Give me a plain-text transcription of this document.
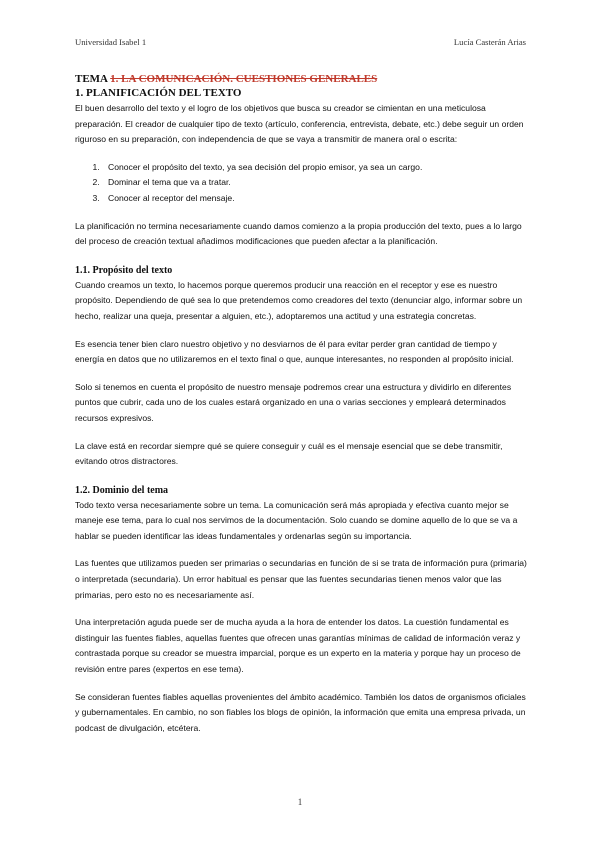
Universidad Isabel 1	Lucía Casterán Arias
TEMA 1. LA COMUNICACIÓN. CUESTIONES GENERALES
1. PLANIFICACIÓN DEL TEXTO

El buen desarrollo del texto y el logro de los objetivos que busca su creador se cimientan en una meticulosa preparación. El creador de cualquier tipo de texto (artículo, conferencia, entrevista, debate, etc.) debe seguir un orden riguroso en su preparación, con independencia de que se vaya a transmitir de manera oral o escrita:

1. Conocer el propósito del texto, ya sea decisión del propio emisor, ya sea un cargo.
2. Dominar el tema que va a tratar.
3. Conocer al receptor del mensaje.

La planificación no termina necesariamente cuando damos comienzo a la propia producción del texto, pues a lo largo del proceso de creación textual añadimos modificaciones que pueden afectar a la planificación.

1.1. Propósito del texto

Cuando creamos un texto, lo hacemos porque queremos producir una reacción en el receptor y ese es nuestro propósito. Dependiendo de qué sea lo que pretendemos como creadores del texto (denunciar algo, informar sobre un hecho, realizar una queja, presentar a alguien, etc.), adoptaremos una actitud y una estrategia concretas.

Es esencia tener bien claro nuestro objetivo y no desviarnos de él para evitar perder gran cantidad de tiempo y energía en datos que no utilizaremos en el texto final o que, aunque interesantes, no responden al propósito inicial.

Solo si tenemos en cuenta el propósito de nuestro mensaje podremos crear una estructura y dividirlo en diferentes puntos que cubrir, cada uno de los cuales estará organizado en una o varias secciones y empleará determinados recursos expresivos.

La clave está en recordar siempre qué se quiere conseguir y cuál es el mensaje esencial que se debe transmitir, evitando otros distractores.

1.2. Dominio del tema

Todo texto versa necesariamente sobre un tema. La comunicación será más apropiada y efectiva cuanto mejor se maneje ese tema, para lo cual nos servimos de la documentación. Solo cuando se domine aquello de lo que se va a hablar se pueden identificar las ideas fundamentales y ordenarlas según su importancia.

Las fuentes que utilizamos pueden ser primarias o secundarias en función de si se trata de información pura (primaria) o interpretada (secundaria). Un error habitual es pensar que las fuentes secundarias tienen menos valor que las primarias, pero esto no es necesariamente así.

Una interpretación aguda puede ser de mucha ayuda a la hora de entender los datos. La cuestión fundamental es distinguir las fuentes fiables, aquellas fuentes que ofrecen unas garantías mínimas de calidad de información veraz y contrastada porque su creador se muestra imparcial, porque es un experto en la materia y porque hay un proceso de revisión entre pares (expertos en ese tema).

Se consideran fuentes fiables aquellas provenientes del ámbito académico. También los datos de organismos oficiales y gubernamentales. En cambio, no son fiables los blogs de opinión, la información que emita una empresa privada, un podcast de divulgación, etcétera.

1
